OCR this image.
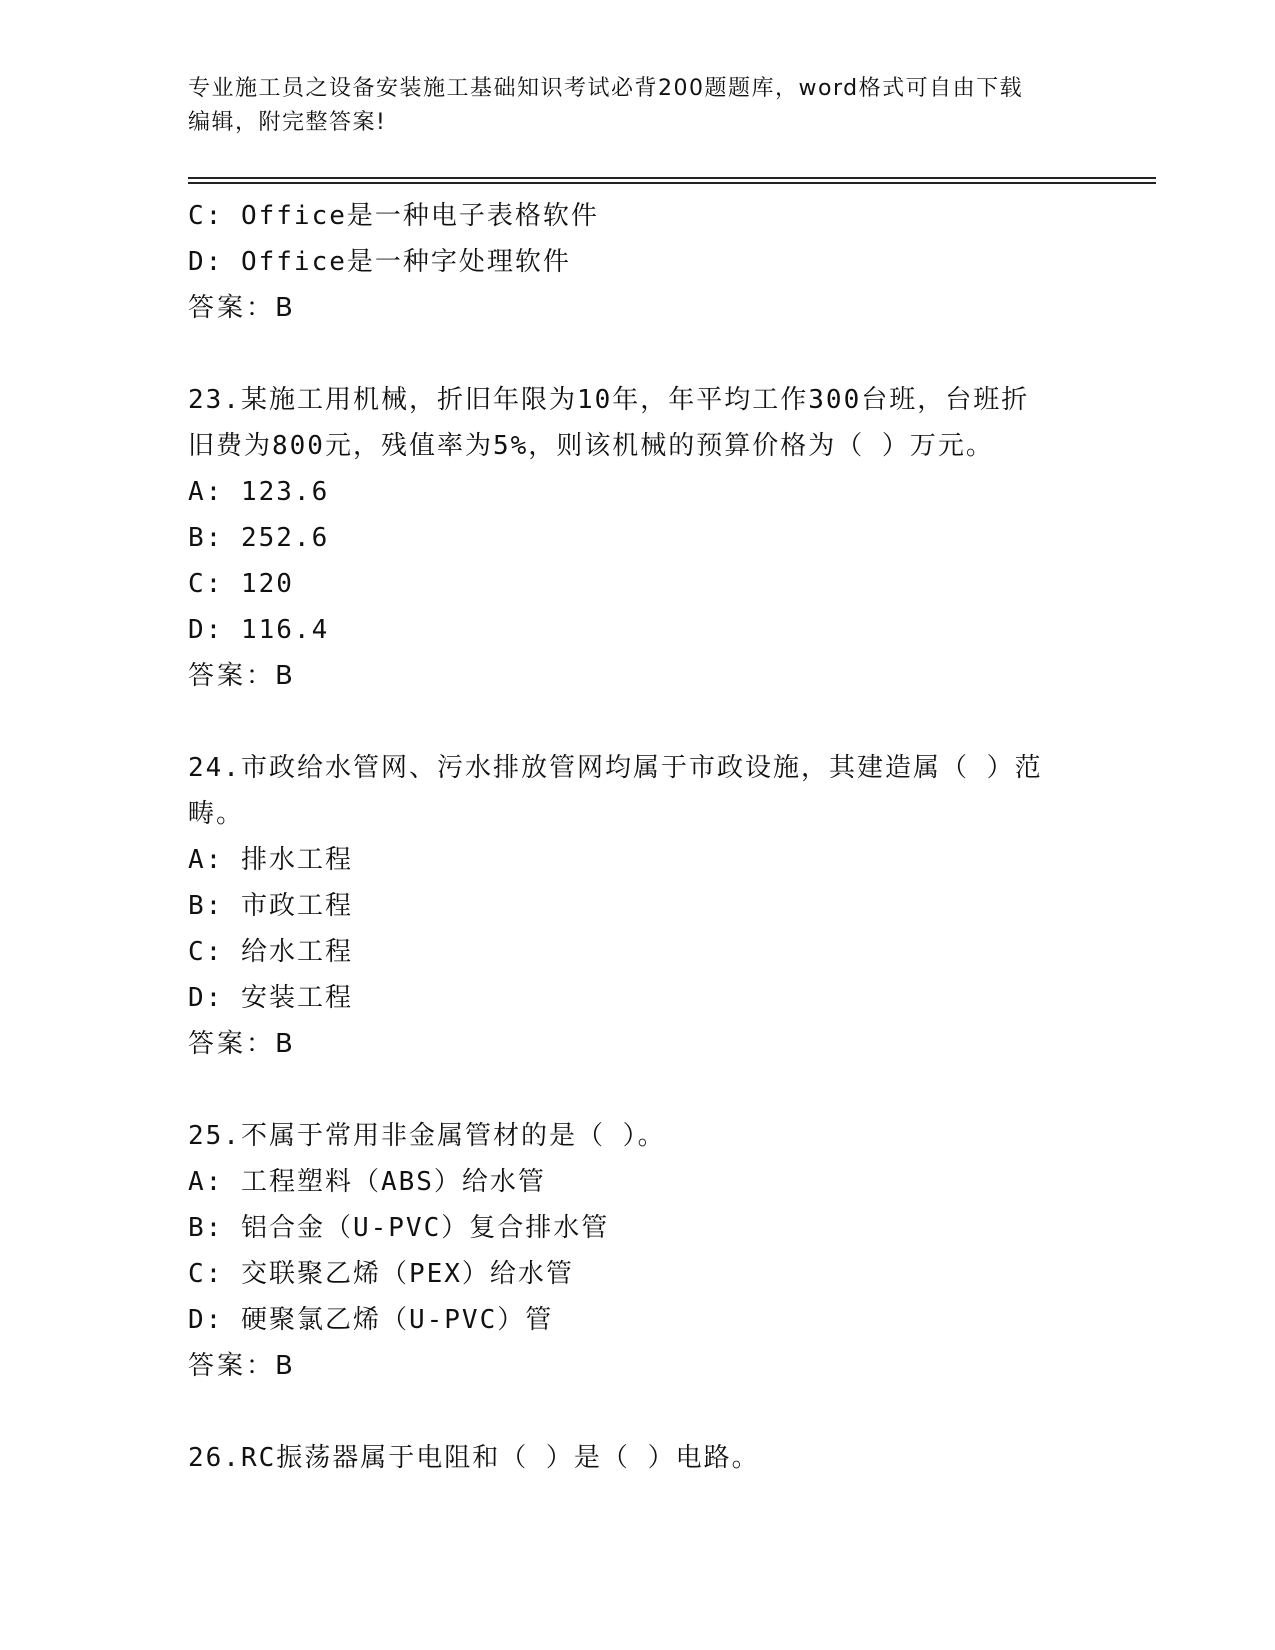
专业施工员之设备安装施工基础知识考试必背200题题库，word格式可自由下载
编辑，附完整答案!
C: Office是一种电子表格软件
D: Office是一种字处理软件
答案：B
23.某施工用机械，折旧年限为10年，年平均工作300台班，台班折
旧费为800元，残值率为5%，则该机械的预算价格为（ ）万元。
A: 123.6
B: 252.6
C: 120
D: 116.4
答案：B
24.市政给水管网、污水排放管网均属于市政设施，其建造属（ ）范
畴。
A: 排水工程
B: 市政工程
C: 给水工程
D: 安装工程
答案：B
25.不属于常用非金属管材的是（ ）。
A: 工程塑料（ABS）给水管
B: 铝合金（U-PVC）复合排水管
C: 交联聚乙烯（PEX）给水管
D: 硬聚氯乙烯（U-PVC）管
答案：B
26.RC振荡器属于电阻和（ ）是（ ）电路。
